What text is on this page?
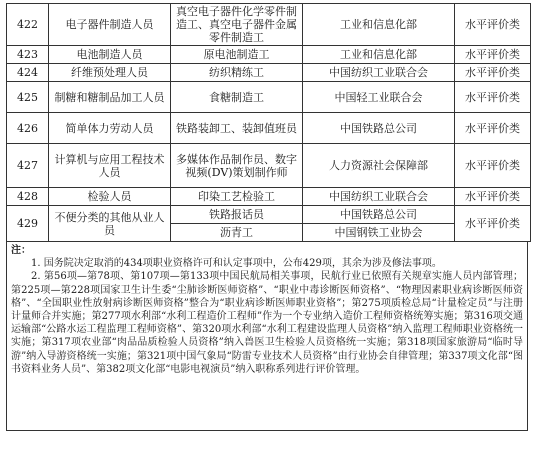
422	电子器件制造人员	真空电子器件化学零件制造工、真空电子器件金属零件制造工	工业和信息化部	水平评价类
423	电池制造人员	原电池制造工	工业和信息化部	水平评价类
424	纤维预处理人员	纺织精练工	中国纺织工业联合会	水平评价类
425	制糖和糖制品加工人员	食糖制造工	中国轻工业联合会	水平评价类
426	简单体力劳动人员	铁路装卸工、装卸值班员	中国铁路总公司	水平评价类
427	计算机与应用工程技术人员	多媒体作品制作员、数字视频(DV)策划制作师	人力资源社会保障部	水平评价类
428	检验人员	印染工艺检验工	中国纺织工业联合会	水平评价类
429	不便分类的其他从业人员	铁路报话员	中国铁路总公司	水平评价类
		沥青工	中国钢铁工业协会	

注：

1. 国务院决定取消的434项职业资格许可和认定事项中，公布429项，其余为涉及修法事项。

2. 第56项—第78项、第107项—第133项中国民航局相关事项，民航行业已依照有关规章实施人员内部管理；第225项—第228项国家卫生计生委“尘肺诊断医师资格”、“职业中毒诊断医师资格”、“物理因素职业病诊断医师资格”、“全国职业性放射病诊断医师资格”整合为“职业病诊断医师职业资格”；第275项质检总局“计量检定员”与注册计量师合并实施；第277项水利部“水利工程造价工程师”作为一个专业纳入造价工程师资格统筹实施；第316项交通运输部“公路水运工程监理工程师资格”、第320项水利部“水利工程建设监理人员资格”纳入监理工程师职业资格统一实施；第317项农业部“肉品品质检验人员资格”纳入兽医卫生检验人员资格统一实施；第318项国家旅游局“临时导游”纳入导游资格统一实施；第321项中国气象局“防雷专业技术人员资格”由行业协会自律管理；第337项文化部“图书资料业务人员”、第382项文化部“电影电视演员”纳入职称系列进行评价管理。
